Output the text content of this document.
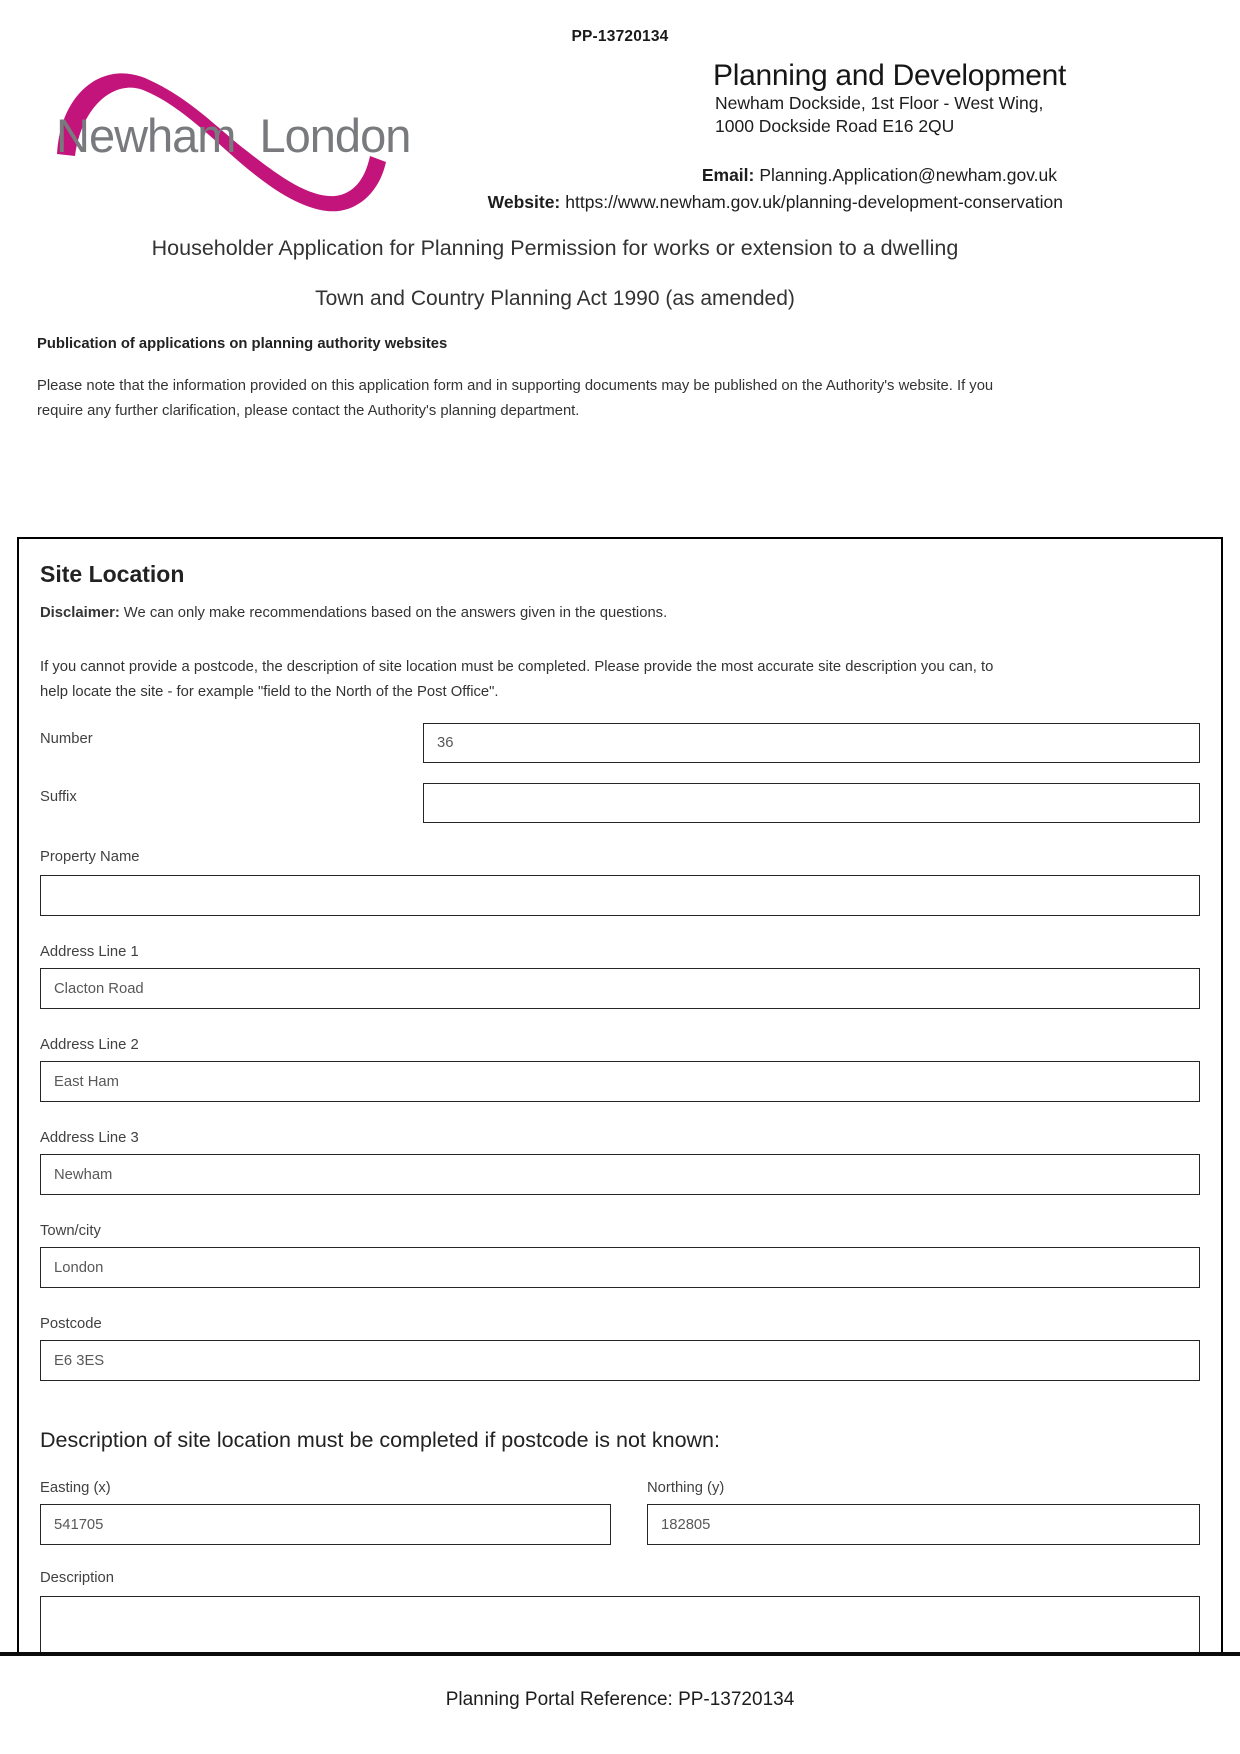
PP-13720134
Newham London
Planning and Development
Newham Dockside, 1st Floor - West Wing,
1000 Dockside Road E16 2QU
Email: Planning.Application@newham.gov.uk
Website: https://www.newham.gov.uk/planning-development-conservation
Householder Application for Planning Permission for works or extension to a dwelling
Town and Country Planning Act 1990 (as amended)
Publication of applications on planning authority websites
Please note that the information provided on this application form and in supporting documents may be published on the Authority's website. If you
require any further clarification, please contact the Authority's planning department.
Site Location
Disclaimer: We can only make recommendations based on the answers given in the questions.
If you cannot provide a postcode, the description of site location must be completed. Please provide the most accurate site description you can, to
help locate the site - for example "field to the North of the Post Office".
Number	36
Suffix
Property Name
Address Line 1
Clacton Road
Address Line 2
East Ham
Address Line 3
Newham
Town/city
London
Postcode
E6 3ES
Description of site location must be completed if postcode is not known:
Easting (x)	Northing (y)
541705	182805
Description
Planning Portal Reference: PP-13720134
